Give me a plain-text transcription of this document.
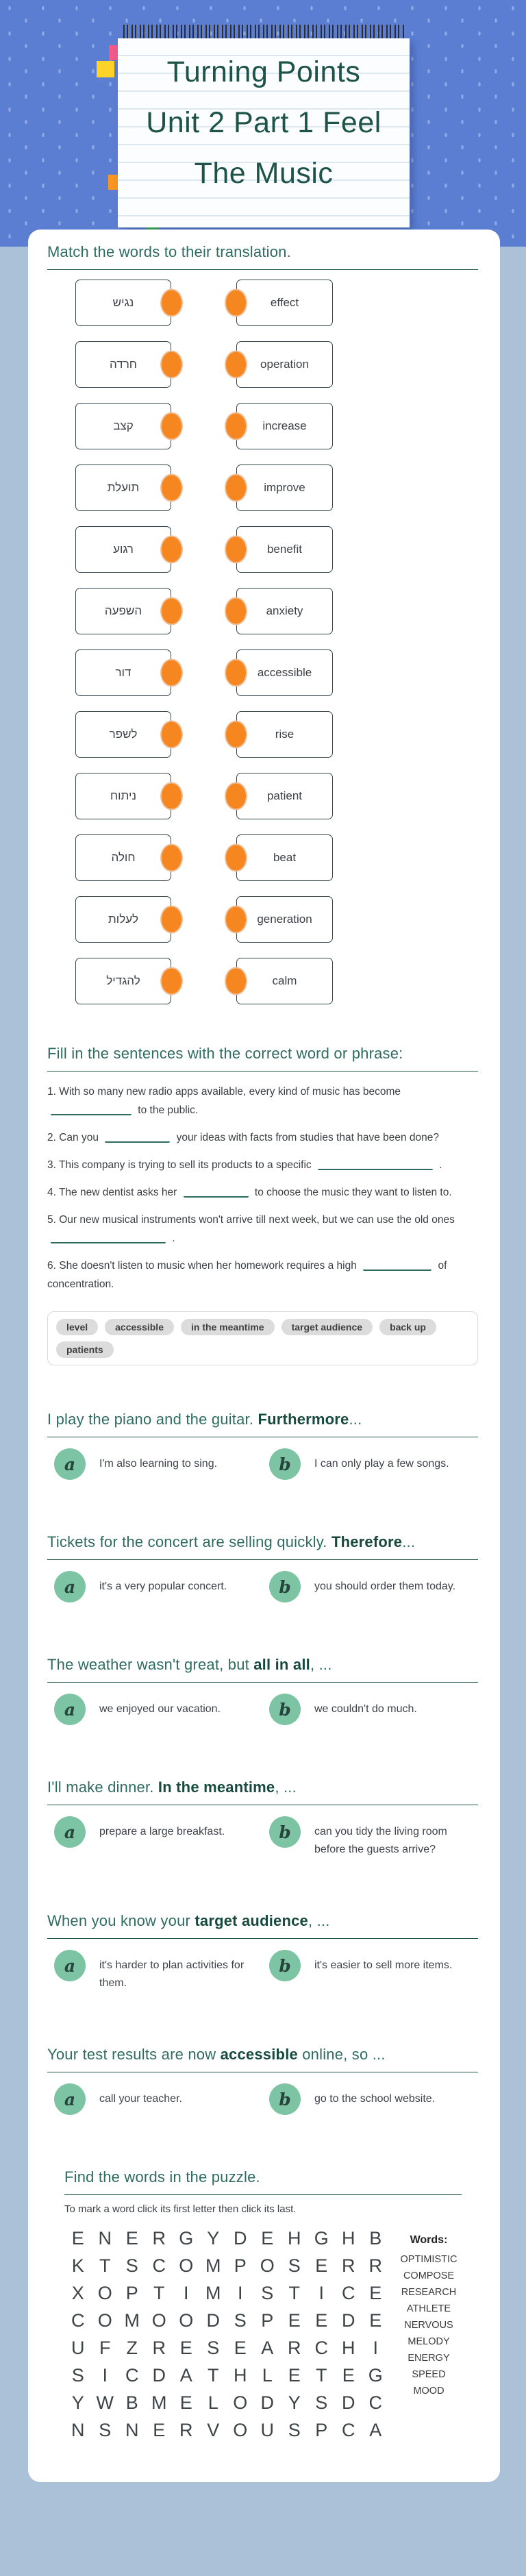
Turning Points
Unit 2 Part 1 Feel
The Music
Match the words to their translation.
נגיש	effect
חרדה	operation
קצב	increase
תועלת	improve
רגוע	benefit
השפעה	anxiety
דור	accessible
לשפר	rise
ניתוח	patient
חולה	beat
לעלות	generation
להגדיל	calm
Fill in the sentences with the correct word or phrase:

1. With so many new radio apps available, every kind of music has become  to the public.

2. Can you	your ideas with facts from studies that have been done?

3. This company is trying to sell its products to a specific	.

4. The new dentist asks her	to choose the music they want to listen to.

5. Our new musical instruments won't arrive till next week, but we can use the old ones  .

6. She doesn't listen to music when her homework requires a high	of concentration.

level	accessible	in the meantime	target audience	back up
patients
I play the piano and the guitar. Furthermore...
a	I'm also learning to sing.	b	I can only play a few songs.
Tickets for the concert are selling quickly. Therefore...
a	it's a very popular concert.	b	you should order them today.
The weather wasn't great, but all in all, ...
a	we enjoyed our vacation.	b	we couldn't do much.
I'll make dinner. In the meantime, ...
a	prepare a large breakfast.	b	can you tidy the living room before the guests arrive?
When you know your target audience, ...
a	it's harder to plan activities for them.
b	it's easier to sell more items.
Your test results are now accessible online, so ...
a	call your teacher.	b	go to the school website.
Find the words in the puzzle.
To mark a word click its first letter then click its last.
E N E R G Y D E H G H B
K T S C O M P O S E R R
X O P T	I M I S T	I C E
C O M O O D S P E E D E
U F Z R E S E A R C H I
S I C D A T H L E T E G
Y W B M E L O D Y S D C
N S N E R V O U S P C A
Words:
OPTIMISTIC
COMPOSE
RESEARCH
ATHLETE
NERVOUS
MELODY
ENERGY
SPEED
MOOD
